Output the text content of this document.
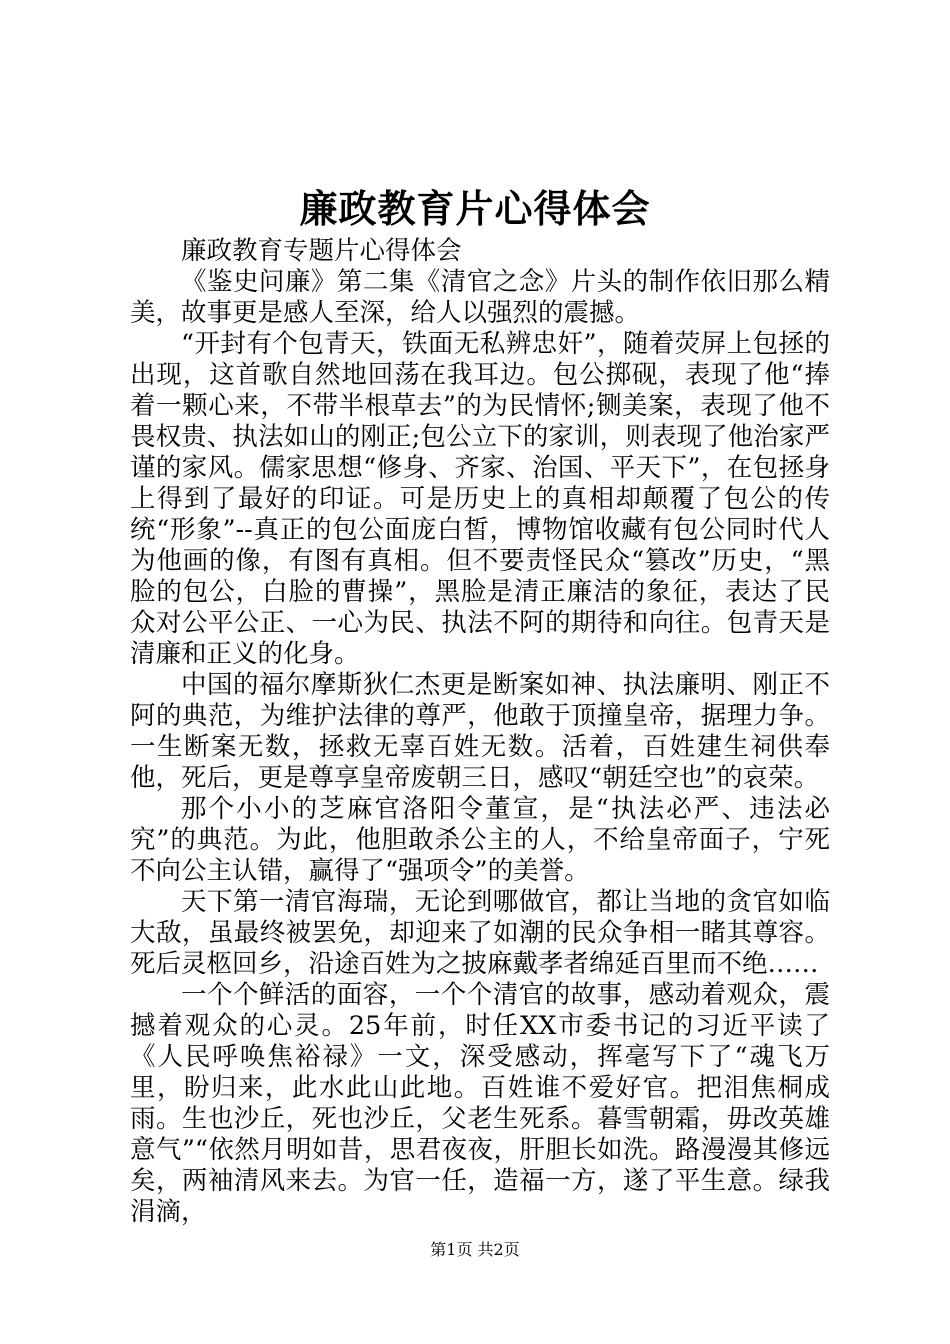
廉政教育片心得体会

廉政教育专题片心得体会

《鉴史问廉》第二集《清官之念》片头的制作依旧那么精美，故事更是感人至深，给人以强烈的震撼。

“开封有个包青天，铁面无私辨忠奸”，随着荧屏上包拯的出现，这首歌自然地回荡在我耳边。包公掷砚，表现了他“捧着一颗心来，不带半根草去”的为民情怀;铡美案，表现了他不畏权贵、执法如山的刚正;包公立下的家训，则表现了他治家严谨的家风。儒家思想“修身、齐家、治国、平天下”，在包拯身上得到了最好的印证。可是历史上的真相却颠覆了包公的传统“形象”--真正的包公面庞白皙，博物馆收藏有包公同时代人为他画的像，有图有真相。但不要责怪民众“篡改”历史，“黑脸的包公，白脸的曹操”，黑脸是清正廉洁的象征，表达了民众对公平公正、一心为民、执法不阿的期待和向往。包青天是清廉和正义的化身。

中国的福尔摩斯狄仁杰更是断案如神、执法廉明、刚正不阿的典范，为维护法律的尊严，他敢于顶撞皇帝，据理力争。一生断案无数，拯救无辜百姓无数。活着，百姓建生祠供奉他，死后，更是尊享皇帝废朝三日，感叹“朝廷空也”的哀荣。

那个小小的芝麻官洛阳令董宣，是“执法必严、违法必究”的典范。为此，他胆敢杀公主的人，不给皇帝面子，宁死不向公主认错，赢得了“强项令”的美誉。

天下第一清官海瑞，无论到哪做官，都让当地的贪官如临大敌，虽最终被罢免，却迎来了如潮的民众争相一睹其尊容。死后灵柩回乡，沿途百姓为之披麻戴孝者绵延百里而不绝……

一个个鲜活的面容，一个个清官的故事，感动着观众，震撼着观众的心灵。25年前，时任XX市委书记的习近平读了《人民呼唤焦裕禄》一文，深受感动，挥毫写下了“魂飞万里，盼归来，此水此山此地。百姓谁不爱好官。把泪焦桐成雨。生也沙丘，死也沙丘，父老生死系。暮雪朝霜，毋改英雄意气”“依然月明如昔，思君夜夜，肝胆长如洗。路漫漫其修远矣，两袖清风来去。为官一任，造福一方，遂了平生意。绿我涓滴，

第1页 共2页
